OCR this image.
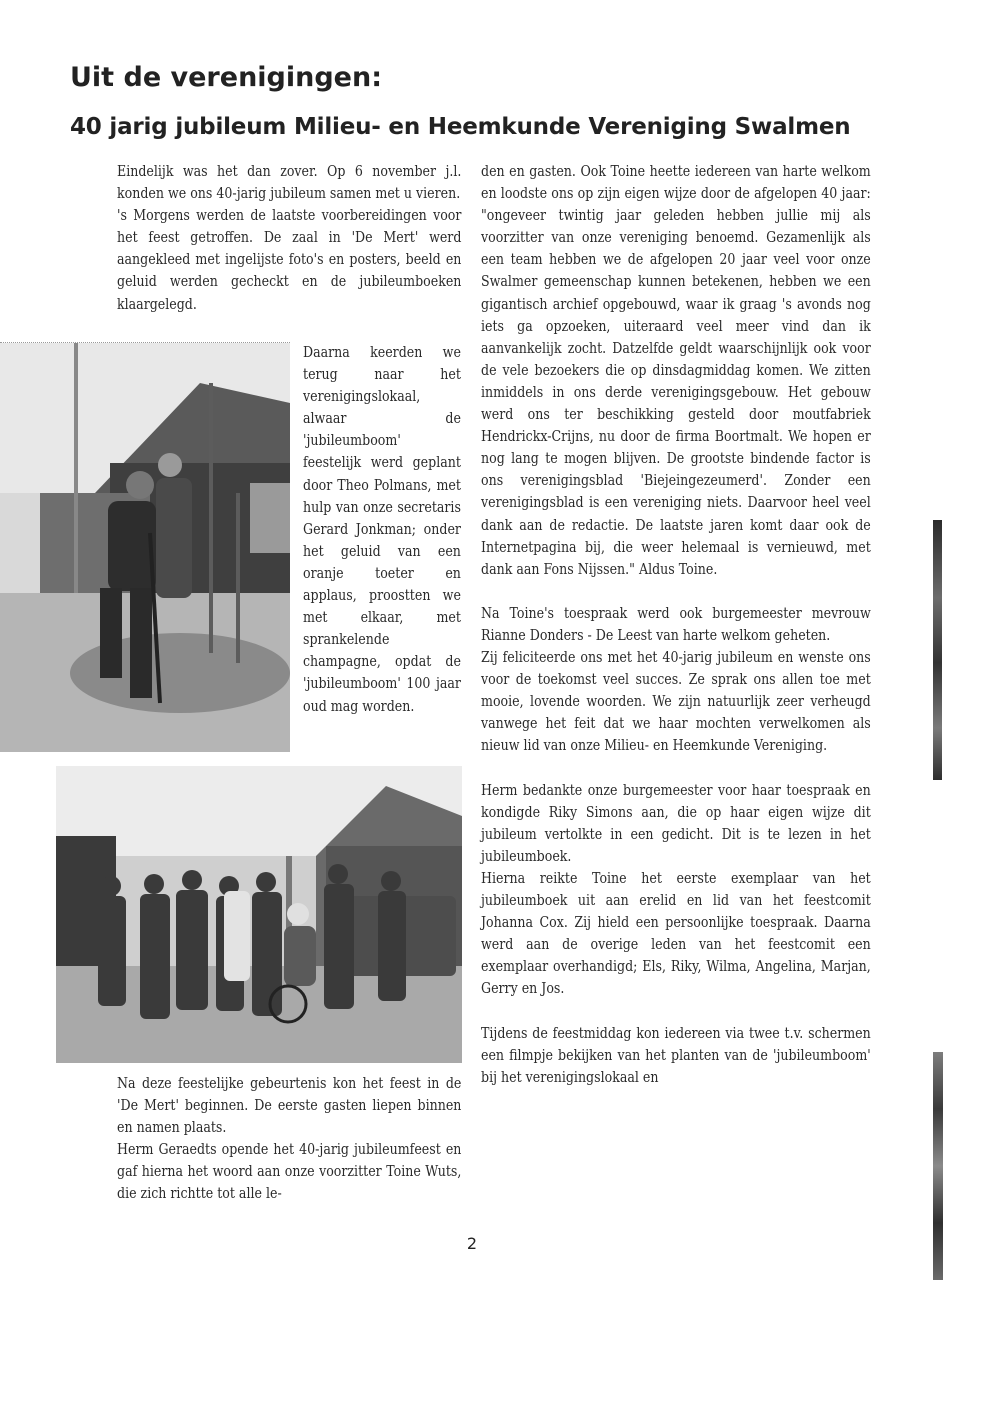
Uit de verenigingen:
40 jarig jubileum Milieu- en Heemkunde Vereniging Swalmen

Eindelijk was het dan zover. Op 6 november j.l. konden we ons 40-jarig jubileum samen met u vieren.

's Morgens werden de laatste voorbereidingen voor het feest getroffen. De zaal in 'De Mert' werd aangekleed met ingelijste foto's en posters, beeld en geluid werden gecheckt en de jubileumboeken klaargelegd.

Daarna keerden we terug naar het verenigingslokaal, alwaar de 'jubileumboom' feestelijk werd geplant door Theo Polmans, met hulp van onze secretaris Gerard Jonkman; onder het geluid van een oranje toeter en applaus, proostten we met elkaar, met sprankelende champagne, opdat de 'jubileumboom' 100 jaar oud mag worden.

Na deze feestelijke gebeurtenis kon het feest in de 'De Mert' beginnen. De eerste gasten liepen binnen en namen plaats.

Herm Geraedts opende het 40-jarig jubileumfeest en gaf hierna het woord aan onze voorzitter Toine Wuts, die zich richtte tot alle le-

den en gasten. Ook Toine heette iedereen van harte welkom en loodste ons op zijn eigen wijze door de afgelopen 40 jaar: "ongeveer twintig jaar geleden hebben jullie mij als voorzitter van onze vereniging benoemd. Gezamenlijk als een team hebben we de afgelopen 20 jaar veel voor onze Swalmer gemeenschap kunnen betekenen, hebben we een gigantisch archief opgebouwd, waar ik graag 's avonds nog iets ga opzoeken, uiteraard veel meer vind dan ik aanvankelijk zocht. Datzelfde geldt waarschijnlijk ook voor de vele bezoekers die op dinsdagmiddag komen. We zitten inmiddels in ons derde verenigingsgebouw. Het gebouw werd ons ter beschikking gesteld door moutfabriek Hendrickx-Crijns, nu door de firma Boortmalt. We hopen er nog lang te mogen blijven. De grootste bindende factor is ons verenigingsblad 'Biejeingezeumerd'. Zonder een verenigingsblad is een vereniging niets. Daarvoor heel veel dank aan de redactie. De laatste jaren komt daar ook de Internetpagina bij, die weer helemaal is vernieuwd, met dank aan Fons Nijssen." Aldus Toine.

Na Toine's toespraak werd ook burgemeester mevrouw Rianne Donders - De Leest van harte welkom geheten.

Zij feliciteerde ons met het 40-jarig jubileum en wenste ons voor de toekomst veel succes. Ze sprak ons allen toe met mooie, lovende woorden. We zijn natuurlijk zeer verheugd vanwege het feit dat we haar mochten verwelkomen als nieuw lid van onze Milieu- en Heemkunde Vereniging.

Herm bedankte onze burgemeester voor haar toespraak en kondigde Riky Simons aan, die op haar eigen wijze dit jubileum vertolkte in een gedicht. Dit is te lezen in het jubileumboek.

Hierna reikte Toine het eerste exemplaar van het jubileumboek uit aan erelid en lid van het feestcomit Johanna Cox. Zij hield een persoonlijke toespraak. Daarna werd aan de overige leden van het feestcomit een exemplaar overhandigd; Els, Riky, Wilma, Angelina, Marjan, Gerry en Jos.

Tijdens de feestmiddag kon iedereen via twee t.v. schermen een filmpje bekijken van het planten van de 'jubileumboom' bij het verenigingslokaal en

2
